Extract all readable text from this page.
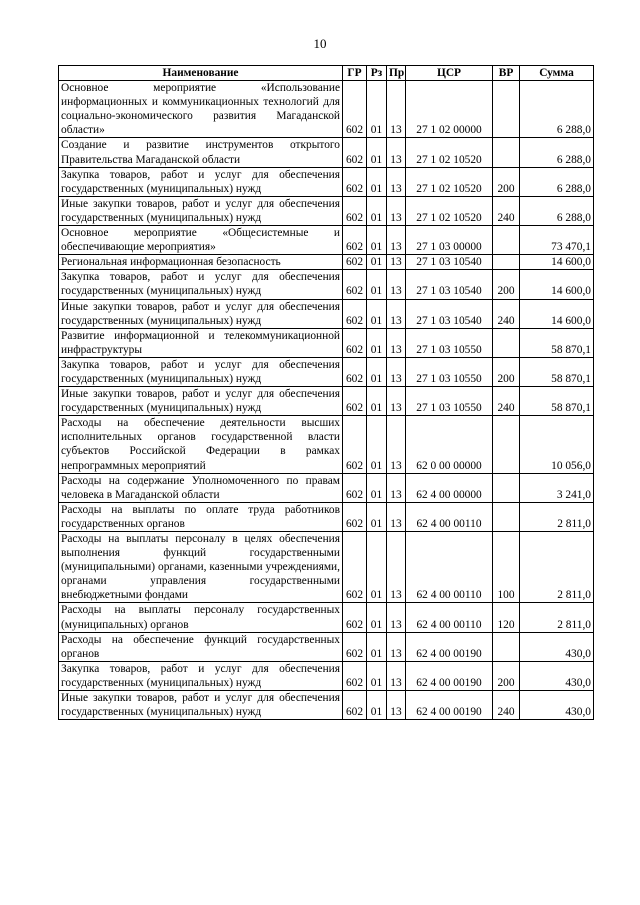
10
Наименование	ГР	Рз	Пр	ЦСР	ВР	Сумма
Основное мероприятие «Использование информационных и коммуникационных технологий для социально-экономического развития Магаданской области»	602	01	13	27 1 02 00000		6 288,0
Создание и развитие инструментов открытого Правительства Магаданской области	602	01	13	27 1 02 10520		6 288,0
Закупка товаров, работ и услуг для обеспечения государственных (муниципальных) нужд	602	01	13	27 1 02 10520	200	6 288,0
Иные закупки товаров, работ и услуг для обеспечения государственных (муниципальных) нужд	602	01	13	27 1 02 10520	240	6 288,0
Основное мероприятие «Общесистемные и обеспечивающие мероприятия»	602	01	13	27 1 03 00000		73 470,1
Региональная информационная безопасность	602	01	13	27 1 03 10540		14 600,0
Закупка товаров, работ и услуг для обеспечения государственных (муниципальных) нужд	602	01	13	27 1 03 10540	200	14 600,0
Иные закупки товаров, работ и услуг для обеспечения государственных (муниципальных) нужд	602	01	13	27 1 03 10540	240	14 600,0
Развитие информационной и телекоммуникационной инфраструктуры	602	01	13	27 1 03 10550		58 870,1
Закупка товаров, работ и услуг для обеспечения государственных (муниципальных) нужд	602	01	13	27 1 03 10550	200	58 870,1
Иные закупки товаров, работ и услуг для обеспечения государственных (муниципальных) нужд	602	01	13	27 1 03 10550	240	58 870,1
Расходы на обеспечение деятельности высших исполнительных органов государственной власти субъектов Российской Федерации в рамках непрограммных мероприятий	602	01	13	62 0 00 00000		10 056,0
Расходы на содержание Уполномоченного по правам человека в Магаданской области	602	01	13	62 4 00 00000		3 241,0
Расходы на выплаты по оплате труда работников государственных органов	602	01	13	62 4 00 00110		2 811,0
Расходы на выплаты персоналу в целях обеспечения выполнения функций государственными (муниципальными) органами, казенными учреждениями, органами управления государственными внебюджетными фондами	602	01	13	62 4 00 00110	100	2 811,0
Расходы на выплаты персоналу государственных (муниципальных) органов	602	01	13	62 4 00 00110	120	2 811,0
Расходы на обеспечение функций государственных органов	602	01	13	62 4 00 00190		430,0
Закупка товаров, работ и услуг для обеспечения государственных (муниципальных) нужд	602	01	13	62 4 00 00190	200	430,0
Иные закупки товаров, работ и услуг для обеспечения государственных (муниципальных) нужд	602	01	13	62 4 00 00190	240	430,0
